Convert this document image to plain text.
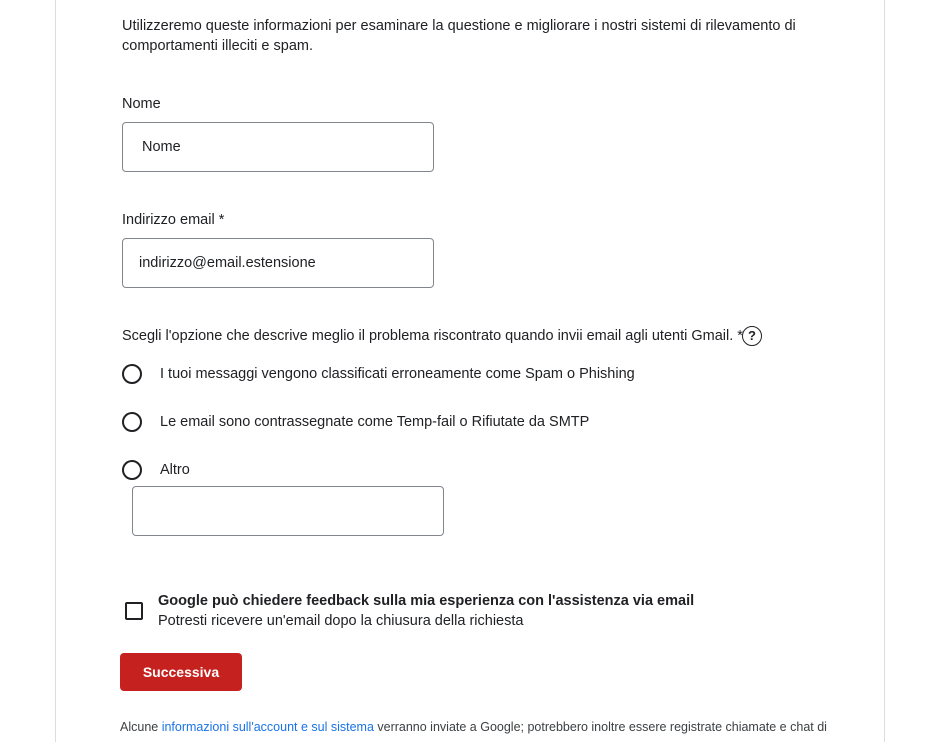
Utilizzeremo queste informazioni per esaminare la questione e migliorare i nostri sistemi di rilevamento di comportamenti illeciti e spam.
Nome
Nome
Indirizzo email *
indirizzo@email.estensione
Scegli l'opzione che descrive meglio il problema riscontrato quando invii email agli utenti Gmail. * ?
I tuoi messaggi vengono classificati erroneamente come Spam o Phishing
Le email sono contrassegnate come Temp-fail o Rifiutate da SMTP
Altro
Google può chiedere feedback sulla mia esperienza con l'assistenza via email
Potresti ricevere un'email dopo la chiusura della richiesta
Successiva
Alcune informazioni sull'account e sul sistema verranno inviate a Google; potrebbero inoltre essere registrate chiamate e chat di
